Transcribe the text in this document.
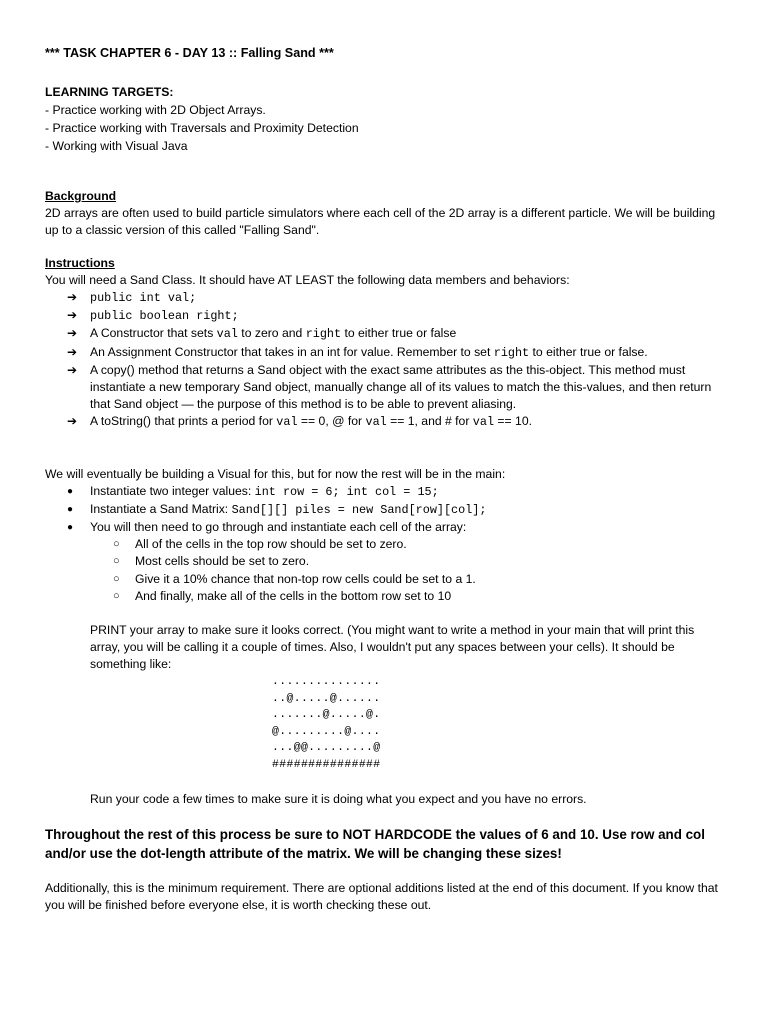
*** TASK CHAPTER 6 - DAY 13 :: Falling Sand ***

LEARNING TARGETS:

- Practice working with 2D Object Arrays.

- Practice working with Traversals and Proximity Detection

- Working with Visual Java

Background

2D arrays are often used to build particle simulators where each cell of the 2D array is a different particle. We will be building up to a classic version of this called "Falling Sand".

Instructions

You will need a Sand Class. It should have AT LEAST the following data members and behaviors:

➔ public int val;
➔ public boolean right;
➔ A Constructor that sets val to zero and right to either true or false
➔ An Assignment Constructor that takes in an int for value. Remember to set right to either true or false.
➔ A copy() method that returns a Sand object with the exact same attributes as the this-object. This method must instantiate a new temporary Sand object, manually change all of its values to match the this-values, and then return that Sand object — the purpose of this method is to be able to prevent aliasing.
➔ A toString() that prints a period for val == 0, @ for val == 1, and # for val == 10.

We will eventually be building a Visual for this, but for now the rest will be in the main:

● Instantiate two integer values: int row = 6; int col = 15;
● Instantiate a Sand Matrix: Sand[][] piles = new Sand[row][col];
● You will then need to go through and instantiate each cell of the array:
○ All of the cells in the top row should be set to zero.
○ Most cells should be set to zero.
○ Give it a 10% chance that non-top row cells could be set to a 1.
○ And finally, make all of the cells in the bottom row set to 10

PRINT your array to make sure it looks correct. (You might want to write a method in your main that will print this array, you will be calling it a couple of times. Also, I wouldn't put any spaces between your cells). It should be something like:

...............
..@.....@......
.......@.....@.
@.........@....
...@@.........@
###############

Run your code a few times to make sure it is doing what you expect and you have no errors.

Throughout the rest of this process be sure to NOT HARDCODE the values of 6 and 10. Use row and col and/or use the dot-length attribute of the matrix. We will be changing these sizes!

Additionally, this is the minimum requirement. There are optional additions listed at the end of this document. If you know that you will be finished before everyone else, it is worth checking these out.
